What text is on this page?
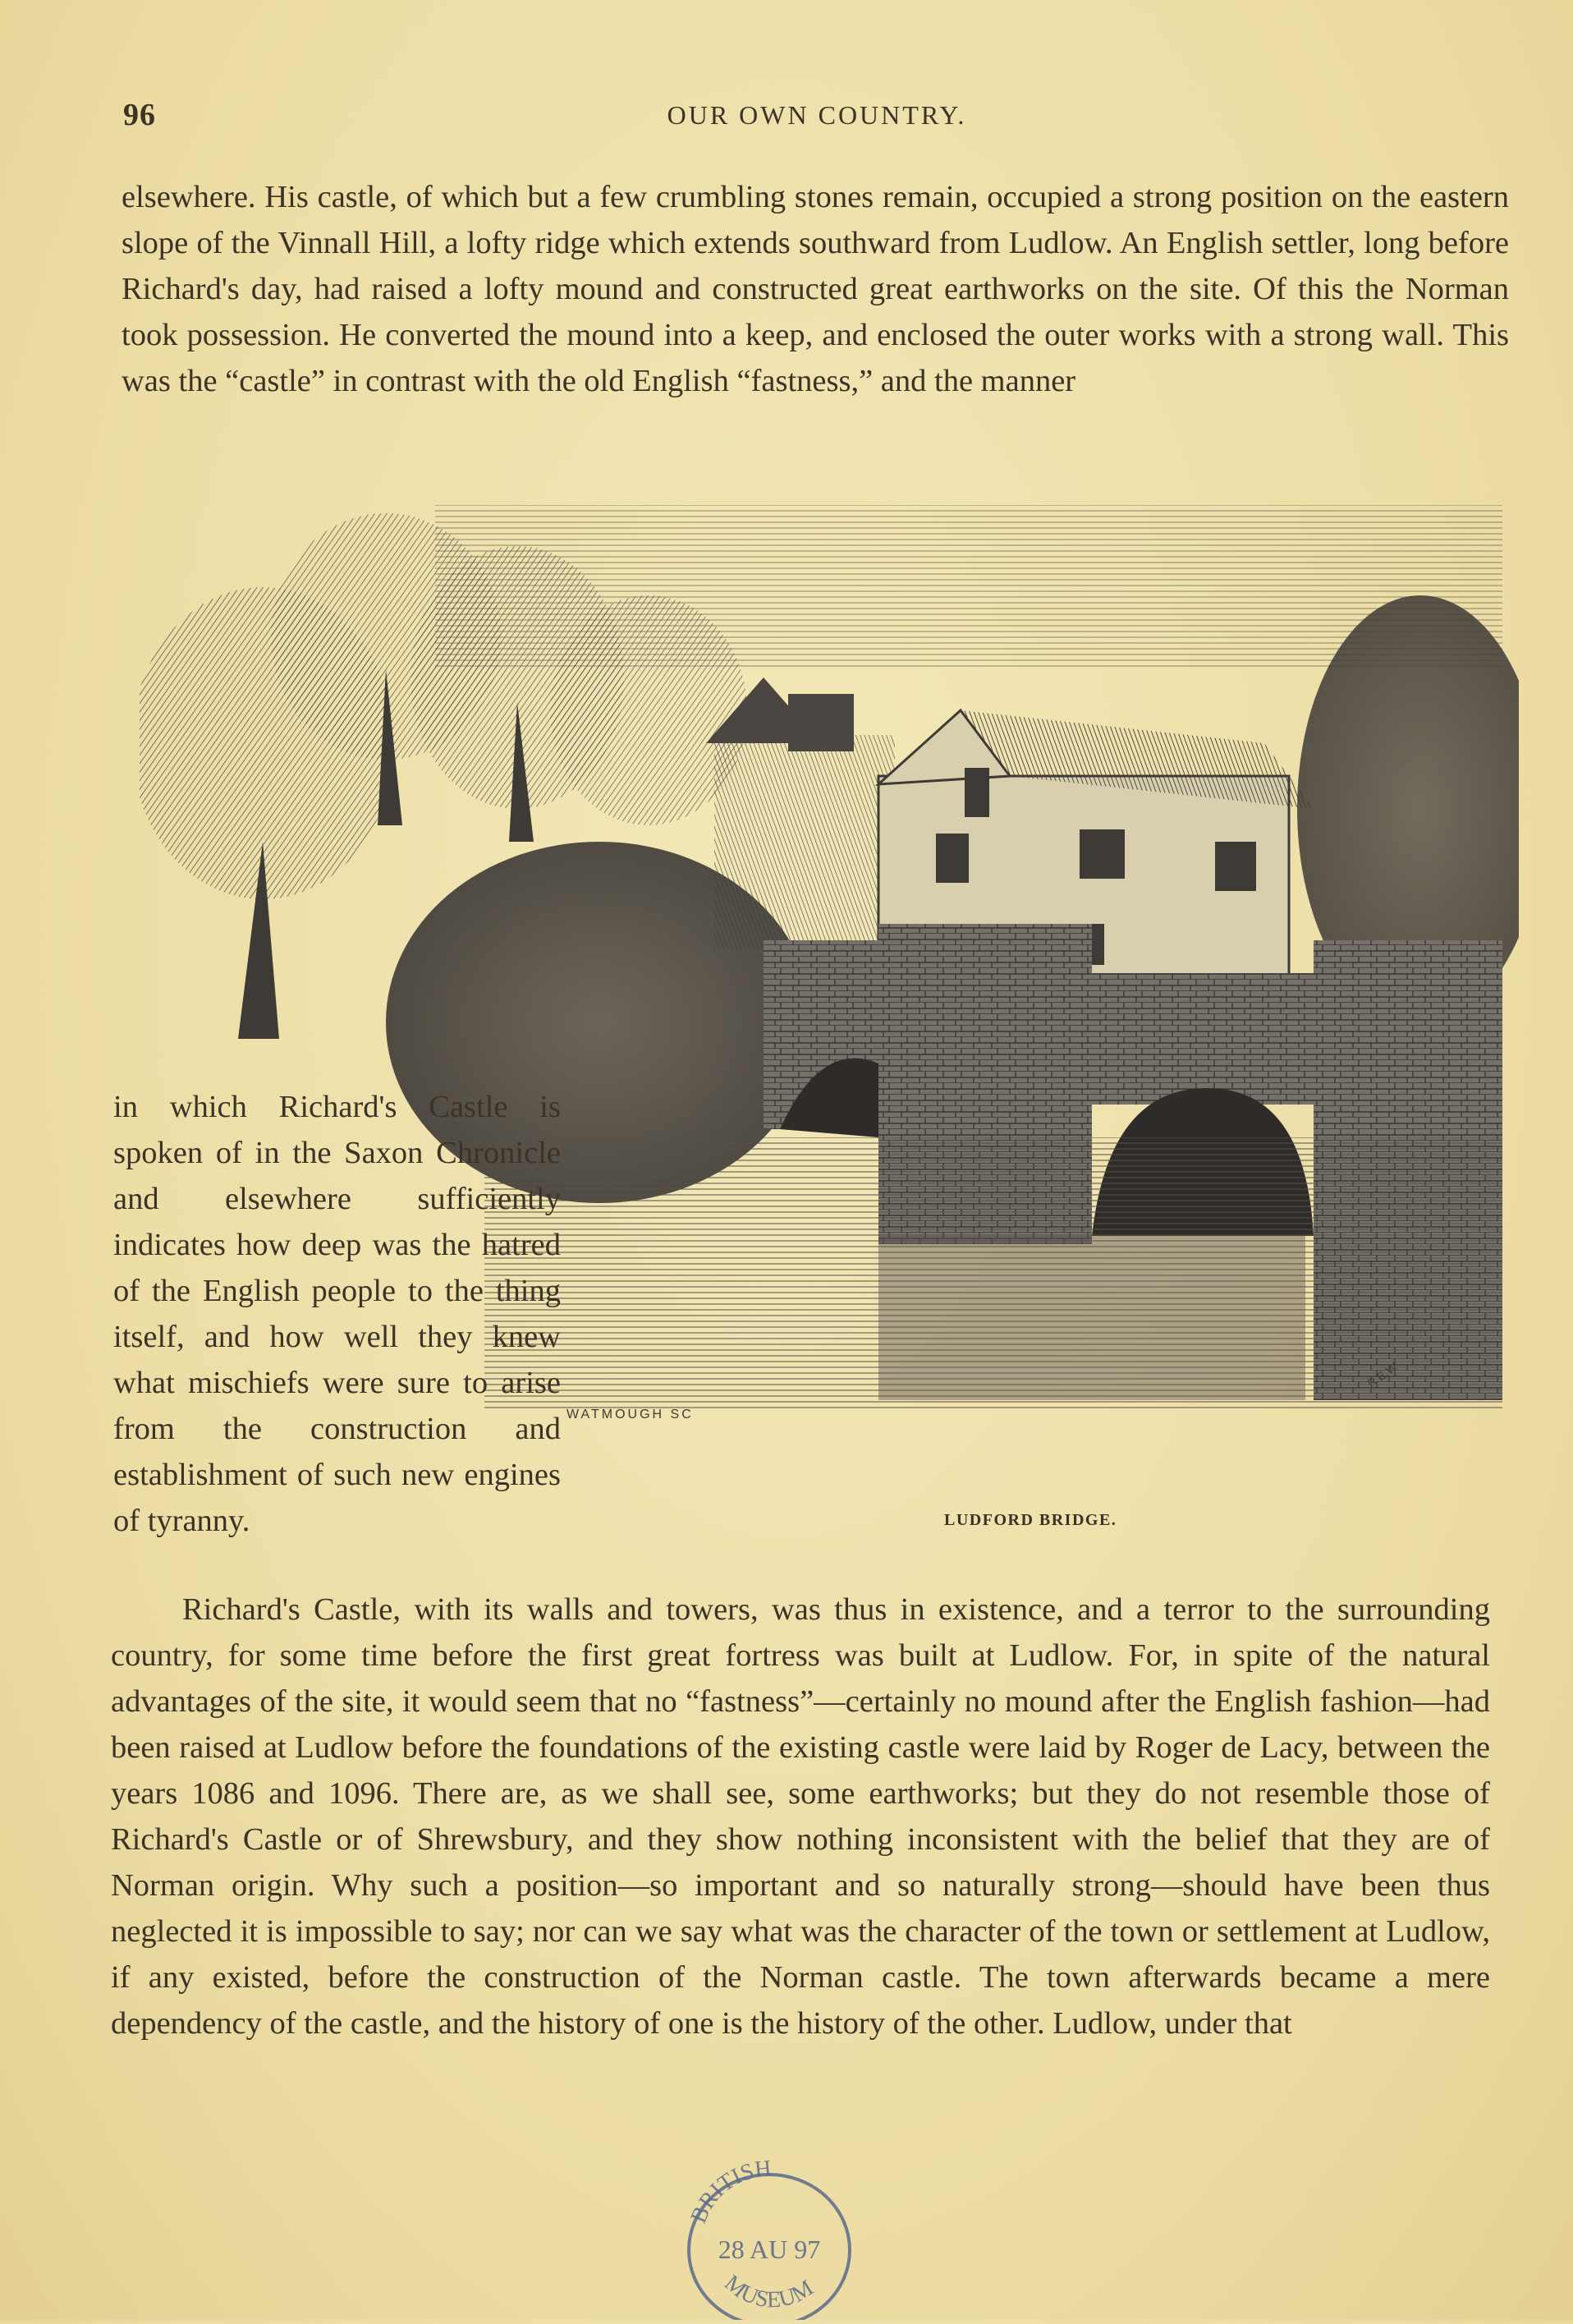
96	OUR OWN COUNTRY.

elsewhere. His castle, of which but a few crumbling stones remain, occupied a strong position on the eastern slope of the Vinnall Hill, a lofty ridge which extends southward from Ludlow. An English settler, long before Richard's day, had raised a lofty mound and constructed great earthworks on the site. Of this the Norman took possession. He converted the mound into a keep, and enclosed the outer works with a strong wall. This was the “castle” in contrast with the old English “fastness,” and the manner

WATMOUGH SC
R.E.W

in which Richard's Castle is spoken of in the Saxon Chronicle and elsewhere sufficiently indicates how deep was the hatred of the English people to the thing itself, and how well they knew what mischiefs were sure to arise from the construction and establishment of such new engines of tyranny.	LUDFORD BRIDGE.

Richard's Castle, with its walls and towers, was thus in existence, and a terror to the surrounding country, for some time before the first great fortress was built at Ludlow. For, in spite of the natural advantages of the site, it would seem that no “fastness”—certainly no mound after the English fashion—had been raised at Ludlow before the foundations of the existing castle were laid by Roger de Lacy, between the years 1086 and 1096. There are, as we shall see, some earthworks; but they do not resemble those of Richard's Castle or of Shrewsbury, and they show nothing inconsistent with the belief that they are of Norman origin. Why such a position—so important and so naturally strong—should have been thus neglected it is impossible to say; nor can we say what was the character of the town or settlement at Ludlow, if any existed, before the construction of the Norman castle. The town afterwards became a mere dependency of the castle, and the history of one is the history of the other. Ludlow, under that

BRITISH
28 AU 97
MUSEUM
